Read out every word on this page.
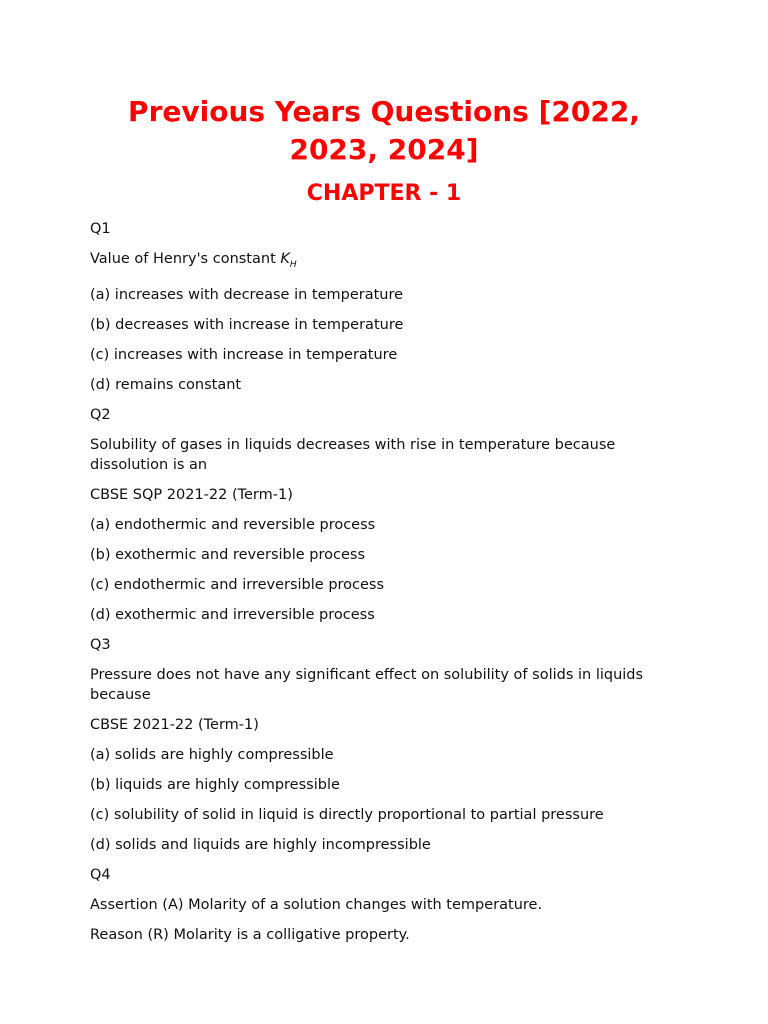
Previous Years Questions [2022, 2023, 2024]
CHAPTER - 1

Q1

Value of Henry's constant $K_H$

(a) increases with decrease in temperature

(b) decreases with increase in temperature

(c) increases with increase in temperature

(d) remains constant

Q2

Solubility of gases in liquids decreases with rise in temperature because dissolution is an

CBSE SQP 2021-22 (Term-1)

(a) endothermic and reversible process

(b) exothermic and reversible process

(c) endothermic and irreversible process

(d) exothermic and irreversible process

Q3

Pressure does not have any significant effect on solubility of solids in liquids because

CBSE 2021-22 (Term-1)

(a) solids are highly compressible

(b) liquids are highly compressible

(c) solubility of solid in liquid is directly proportional to partial pressure

(d) solids and liquids are highly incompressible

Q4

Assertion (A) Molarity of a solution changes with temperature.

Reason (R) Molarity is a colligative property.
